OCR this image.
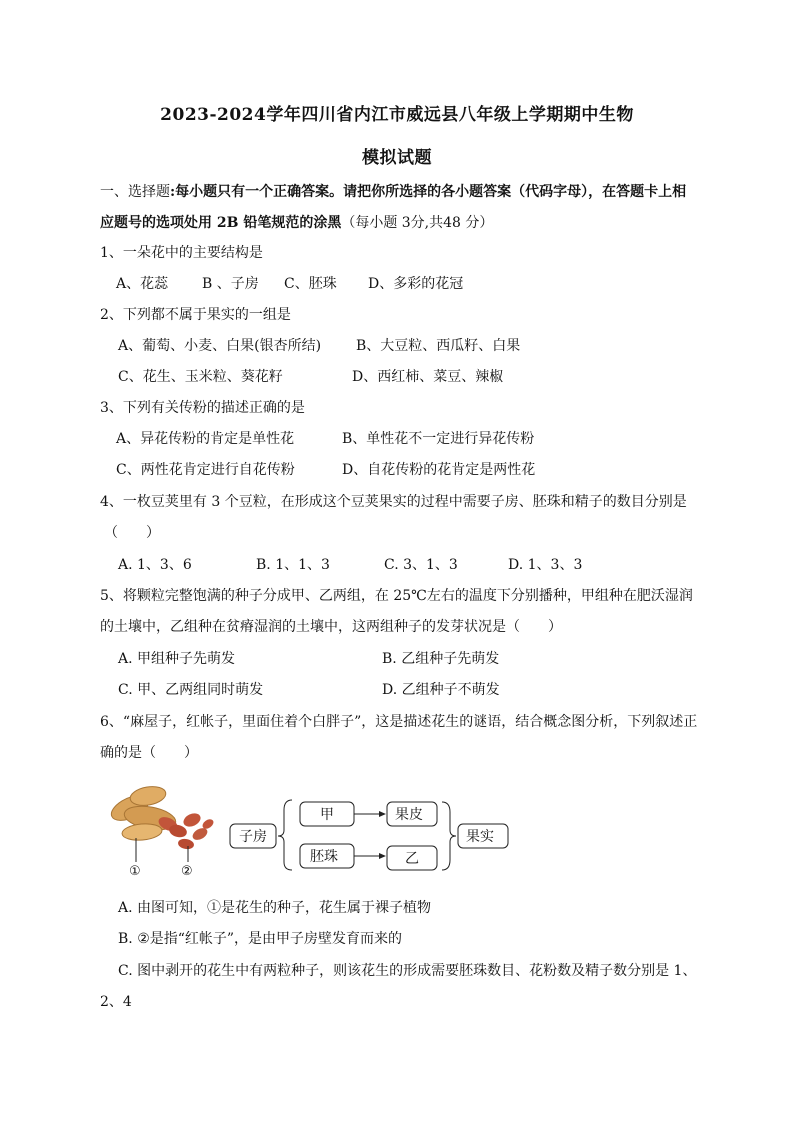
2023-2024学年四川省内江市威远县八年级上学期期中生物
模拟试题
一、选择题:每小题只有一个正确答案。请把你所选择的各小题答案（代码字母），在答题卡上相
应题号的选项处用 2B 铅笔规范的涂黑（每小题 3分,共48 分）
1、一朵花中的主要结构是
A、花蕊 B 、子房 C、胚珠 D、多彩的花冠
2、下列都不属于果实的一组是
A、葡萄、小麦、白果(银杏所结) B、大豆粒、西瓜籽、白果
C、花生、玉米粒、葵花籽	D、西红柿、菜豆、辣椒
3、下列有关传粉的描述正确的是
A、异花传粉的肯定是单性花	B、单性花不一定进行异花传粉
C、两性花肯定进行自花传粉	D、自花传粉的花肯定是两性花
4、一枚豆荚里有 3 个豆粒，在形成这个豆荚果实的过程中需要子房、胚珠和精子的数目分别是
（　　）
A. 1、3、6	B. 1、1、3	C. 3、1、3	D. 1、3、3
5、将颗粒完整饱满的种子分成甲、乙两组，在 25℃左右的温度下分别播种，甲组种在肥沃湿润
的土壤中，乙组种在贫瘠湿润的土壤中，这两组种子的发芽状况是（　　）
A. 甲组种子先萌发	B. 乙组种子先萌发
C. 甲、乙两组同时萌发	D. 乙组种子不萌发
6、“麻屋子，红帐子，里面住着个白胖子”，这是描述花生的谜语，结合概念图分析，下列叙述正
确的是（　　）
①	②
子房
甲
胚珠
果皮
乙
果实
A. 由图可知，①是花生的种子，花生属于裸子植物
B. ②是指“红帐子”，是由甲子房壁发育而来的
C. 图中剥开的花生中有两粒种子，则该花生的形成需要胚珠数目、花粉数及精子数分别是 1、
2、4
